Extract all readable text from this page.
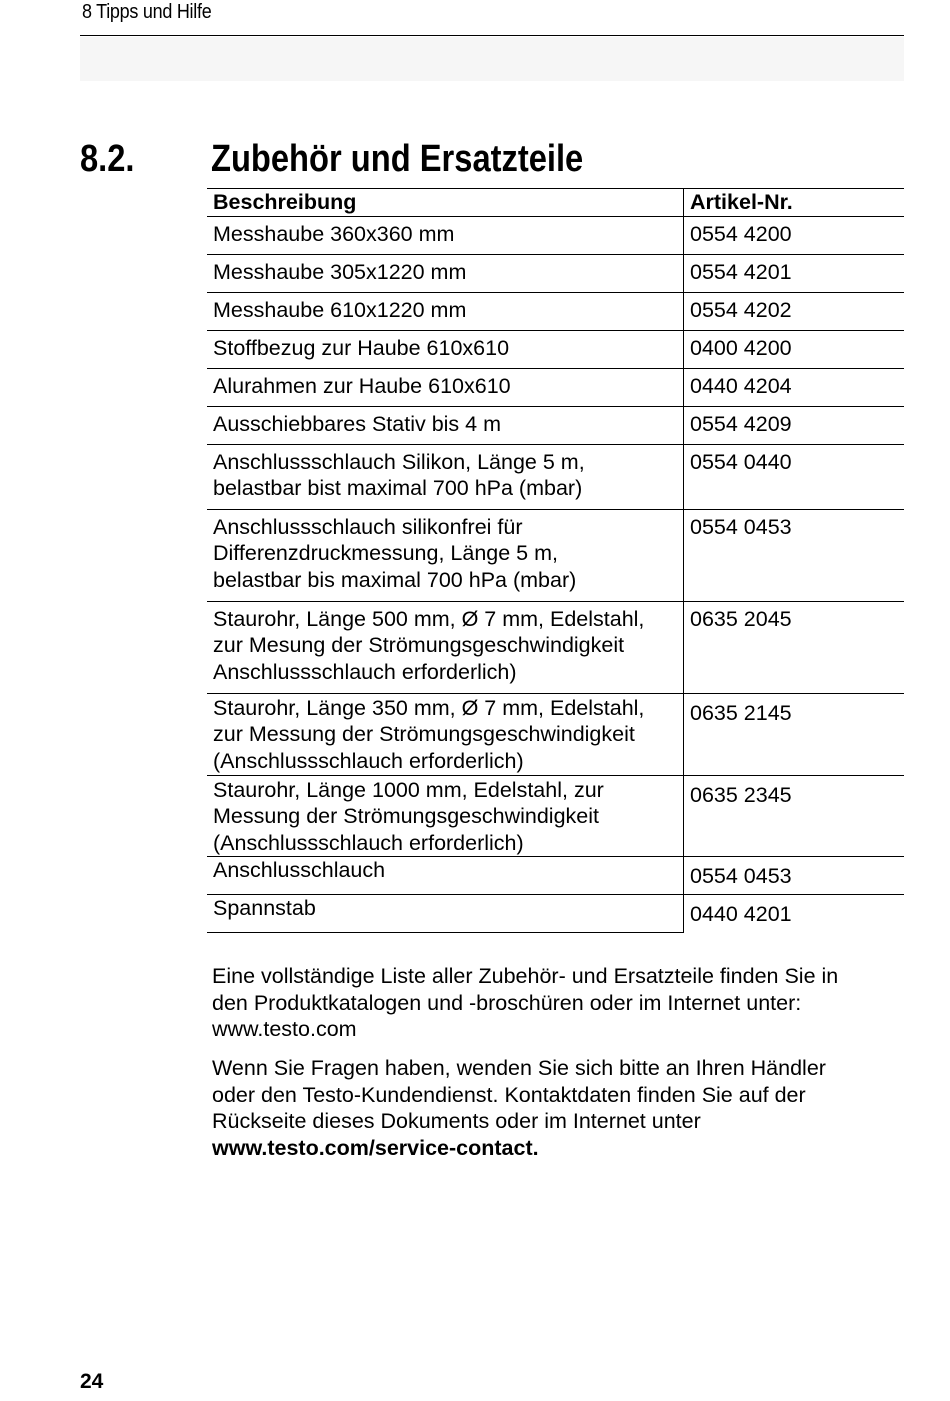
8 Tipps und Hilfe
8.2. Zubehör und Ersatzteile
Beschreibung	Artikel-Nr.
Messhaube 360x360 mm	0554 4200
Messhaube 305x1220 mm	0554 4201
Messhaube 610x1220 mm	0554 4202
Stoffbezug zur Haube 610x610	0400 4200
Alurahmen zur Haube 610x610	0440 4204
Ausschiebbares Stativ bis 4 m	0554 4209

Anschlussschlauch Silikon, Länge 5 m,
belastbar bist maximal 700 hPa (mbar)	0554 0440

Anschlussschlauch silikonfrei für
Differenzdruckmessung, Länge 5 m,
belastbar bis maximal 700 hPa (mbar)	0554 0453

Staurohr, Länge 500 mm, Ø 7 mm, Edelstahl,
zur Mesung der Strömungsgeschwindigkeit
Anschlussschlauch erforderlich)	0635 2045

Staurohr, Länge 350 mm, Ø 7 mm, Edelstahl,
zur Messung der Strömungsgeschwindigkeit
(Anschlussschlauch erforderlich)	0635 2145

Staurohr, Länge 1000 mm, Edelstahl, zur
Messung der Strömungsgeschwindigkeit
(Anschlussschlauch erforderlich)	0635 2345
Anschlusschlauch	0554 0453
Spannstab	0440 4201
Eine vollständige Liste aller Zubehör- und Ersatzteile finden Sie in
den Produktkatalogen und -broschüren oder im Internet unter:
www.testo.com
Wenn Sie Fragen haben, wenden Sie sich bitte an Ihren Händler
oder den Testo-Kundendienst. Kontaktdaten finden Sie auf der
Rückseite dieses Dokuments oder im Internet unter
www.testo.com/service-contact.
24
